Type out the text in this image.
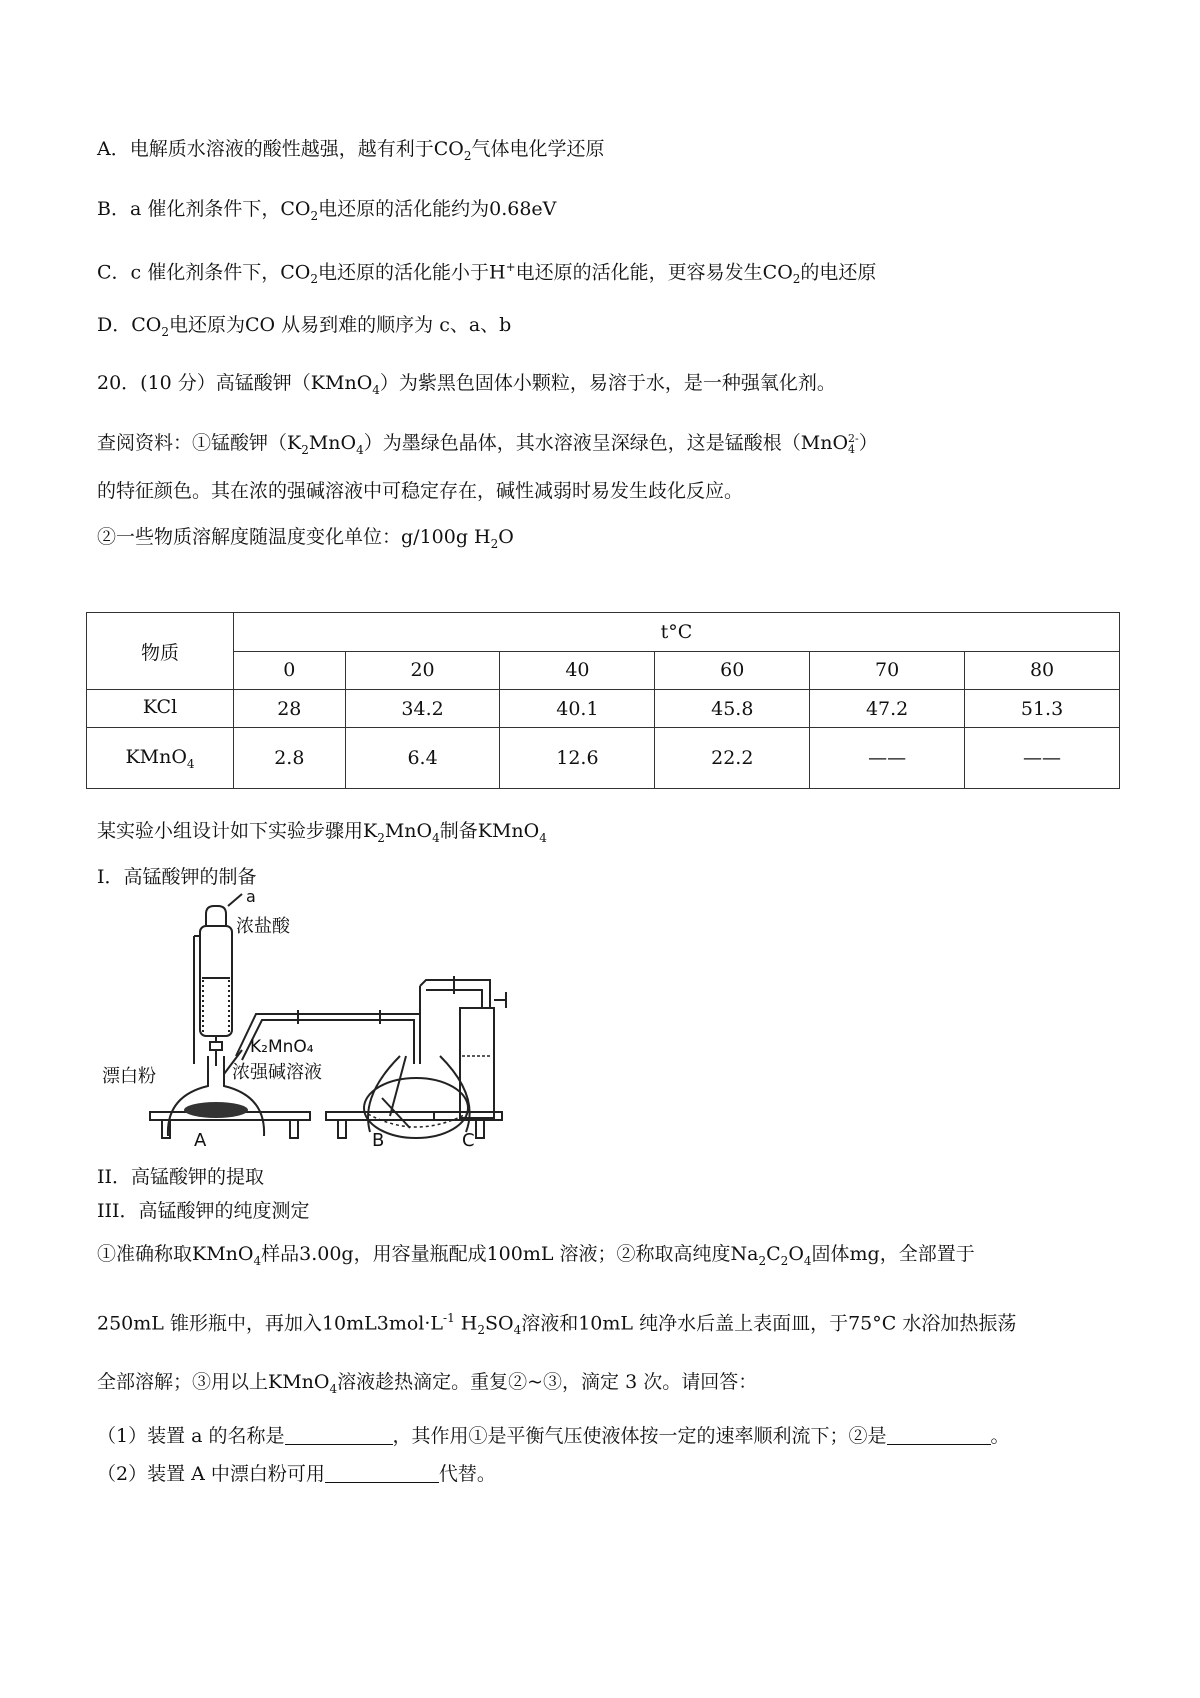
A．电解质水溶液的酸性越强，越有利于$CO_2$气体电化学还原
B．a 催化剂条件下，$CO_2$电还原的活化能约为0.68eV
C．c 催化剂条件下，$CO_2$电还原的活化能小于H+电还原的活化能，更容易发生$CO_2$的电还原
D．$CO_2$电还原为CO 从易到难的顺序为 c、a、b
20．(10 分）高锰酸钾（KMnO$_4$）为紫黑色固体小颗粒，易溶于水，是一种强氧化剂。
查阅资料：①锰酸钾$(K_2MnO_4)$为墨绿色晶体，其水溶液呈深绿色，这是锰酸根（MnO 2-
4 ）
的特征颜色。其在浓的强碱溶液中可稳定存在，碱性减弱时易发生歧化反应。
②一些物质溶解度随温度变化单位：g/100g $H_2O$
物质	t°C					
	0	20	40	60	70	80
KCl	28	34.2	40.1	45.8	47.2	51.3
KMnO$_4$	2.8	6.4	12.6	22.2	——	——
某实验小组设计如下实验步骤用$K_2MnO_4$制备KMnO$_4$
I．高锰酸钾的制备
a
浓盐酸
漂白粉
K₂MnO₄
浓强碱溶液
A	B	C
II．高锰酸钾的提取
III．高锰酸钾的纯度测定
①准确称取KMnO$_4$样品3.00g，用容量瓶配成100mL 溶液；②称取高纯度$Na_2C_2O_4$固体mg，全部置于
250mL 锥形瓶中，再加入$10mL3mol\cdot L^{-1}$ $H_2SO_4$溶液和10mL 纯净水后盖上表面皿，于75°C 水浴加热振荡
全部溶解；③用以上KMnO$_4$溶液趁热滴定。重复②~③，滴定 3 次。请回答：
（1）装置 a 的名称是	，其作用①是平衡气压使液体按一定的速率顺利流下；②是	。
（2）装置 A 中漂白粉可用	代替。
